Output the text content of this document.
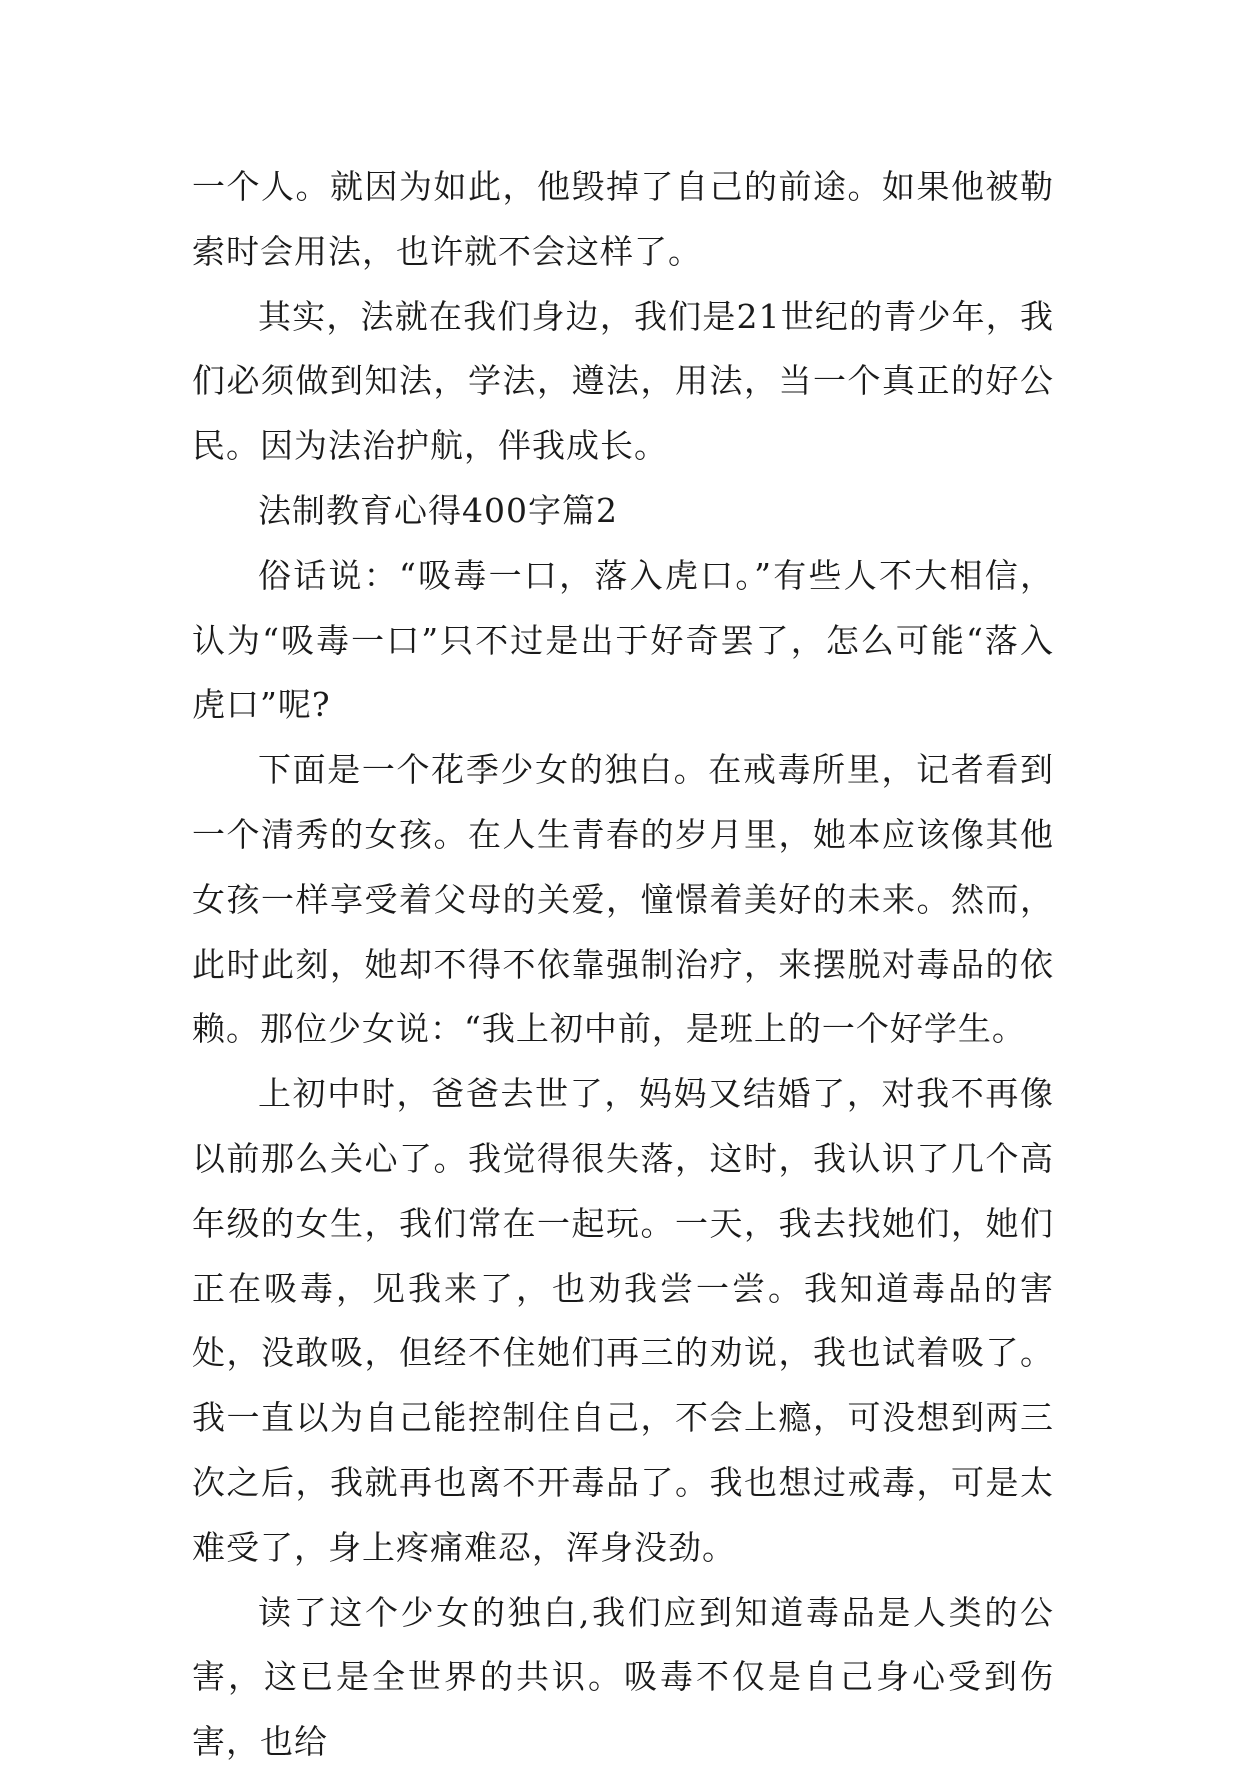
一个人。就因为如此，他毁掉了自己的前途。如果他被勒索时会用法，也许就不会这样了。

其实，法就在我们身边，我们是21世纪的青少年，我们必须做到知法，学法，遵法，用法，当一个真正的好公民。因为法治护航，伴我成长。

法制教育心得400字篇2

俗话说：“吸毒一口，落入虎口。”有些人不大相信，认为“吸毒一口”只不过是出于好奇罢了，怎么可能“落入虎口”呢?

下面是一个花季少女的独白。在戒毒所里，记者看到一个清秀的女孩。在人生青春的岁月里，她本应该像其他女孩一样享受着父母的关爱，憧憬着美好的未来。然而，此时此刻，她却不得不依靠强制治疗，来摆脱对毒品的依赖。那位少女说：“我上初中前，是班上的一个好学生。

上初中时，爸爸去世了，妈妈又结婚了，对我不再像以前那么关心了。我觉得很失落，这时，我认识了几个高年级的女生，我们常在一起玩。一天，我去找她们，她们正在吸毒，见我来了，也劝我尝一尝。我知道毒品的害处，没敢吸，但经不住她们再三的劝说，我也试着吸了。我一直以为自己能控制住自己，不会上瘾，可没想到两三次之后，我就再也离不开毒品了。我也想过戒毒，可是太难受了，身上疼痛难忍，浑身没劲。

读了这个少女的独白,我们应到知道毒品是人类的公害，这已是全世界的共识。吸毒不仅是自己身心受到伤害，也给
